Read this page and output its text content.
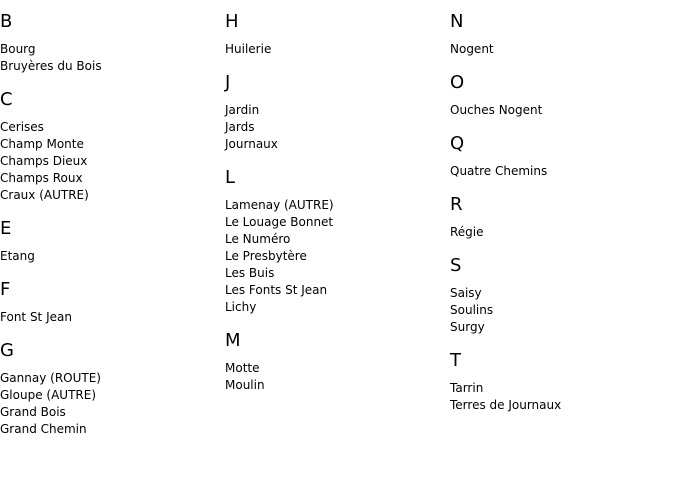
B
Bourg
Bruyères du Bois
C
Cerises
Champ Monte
Champs Dieux
Champs Roux
Craux (AUTRE)
E
Etang
F
Font St Jean
G
Gannay (ROUTE)
Gloupe (AUTRE)
Grand Bois
Grand Chemin
H
Huilerie
J
Jardin
Jards
Journaux
L
Lamenay (AUTRE)
Le Louage Bonnet
Le Numéro
Le Presbytère
Les Buis
Les Fonts St Jean
Lichy
M
Motte
Moulin
N
Nogent
O
Ouches Nogent
Q
Quatre Chemins
R
Régie
S
Saisy
Soulins
Surgy
T
Tarrin
Terres de Journaux
